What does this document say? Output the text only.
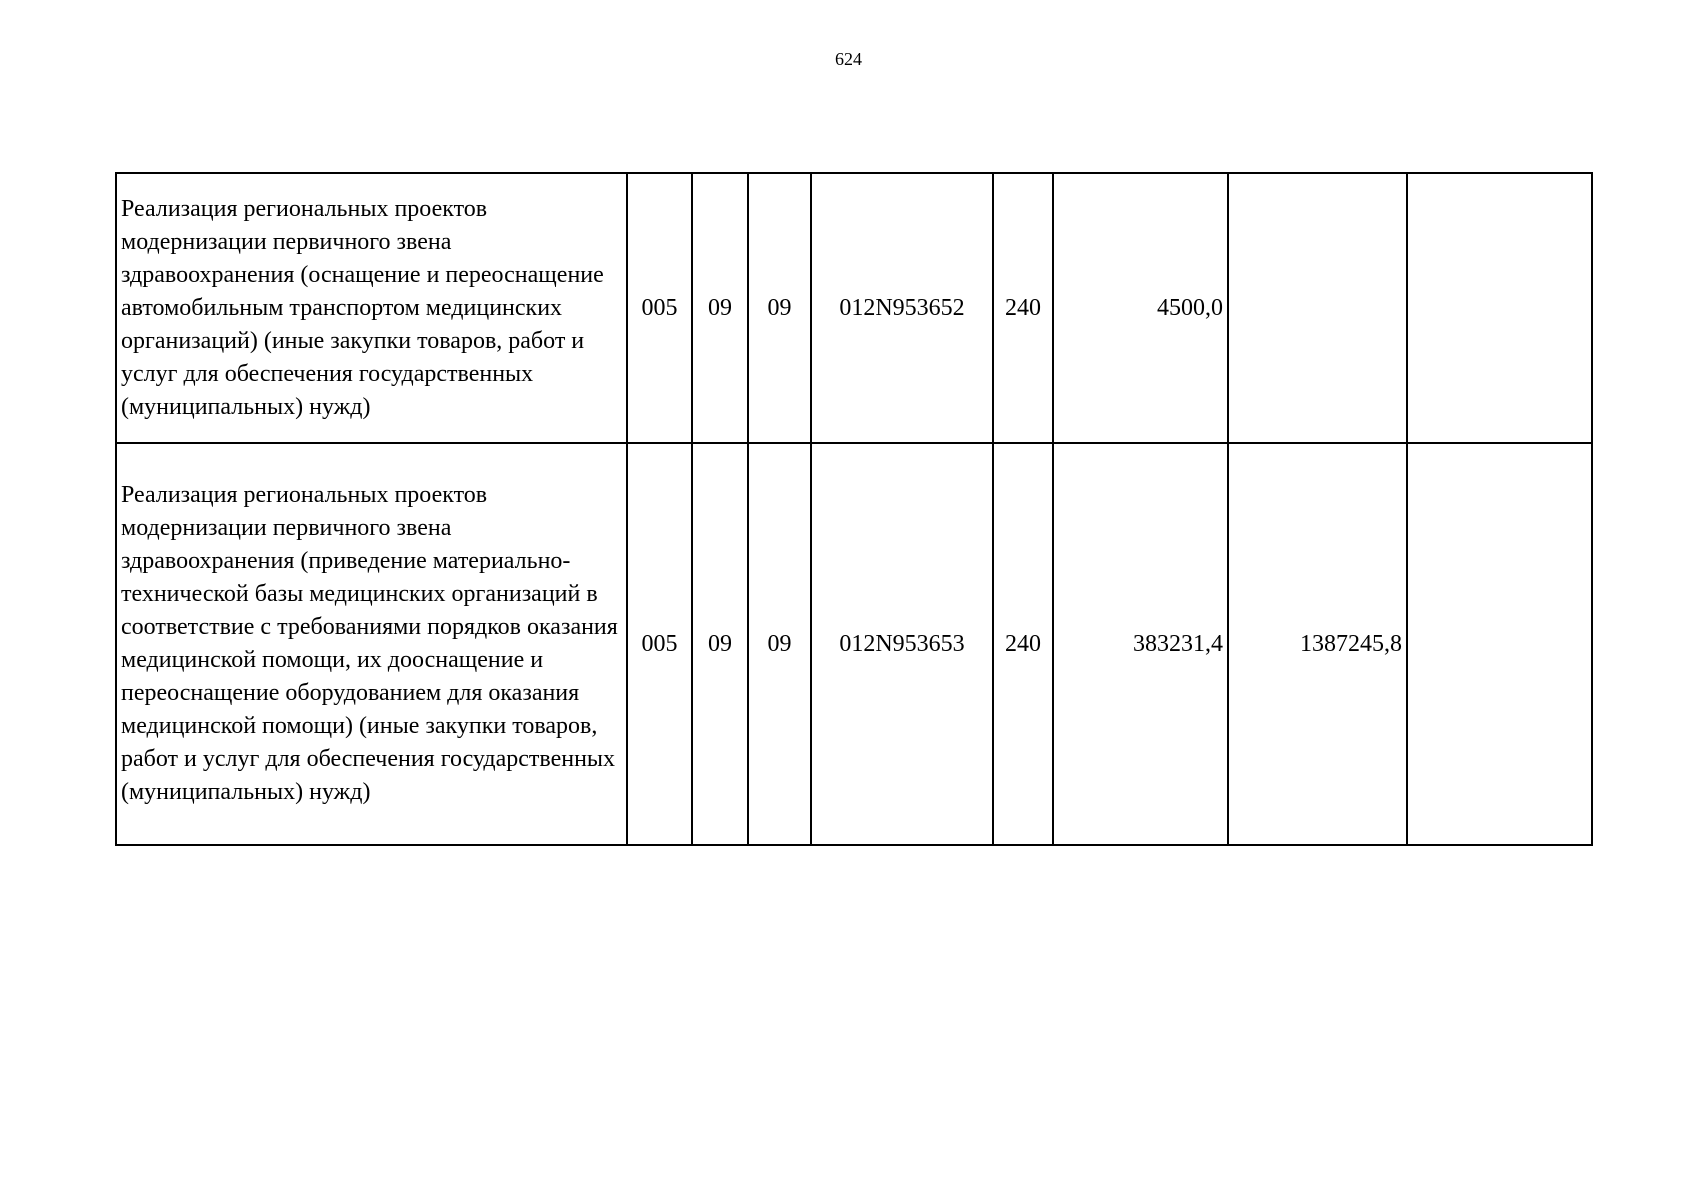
624
Реализация региональных проектов модернизации первичного звена здравоохранения (оснащение и переоснащение автомобильным транспортом медицинских организаций) (иные закупки товаров, работ и услуг для обеспечения государственных (муниципальных) нужд)	005	09	09	012N953652	240	4500,0		
Реализация региональных проектов модернизации первичного звена здравоохранения (приведение материально-технической базы медицинских организаций в соответствие с требованиями порядков оказания медицинской помощи, их дооснащение и переоснащение оборудованием для оказания медицинской помощи) (иные закупки товаров, работ и услуг для обеспечения государственных (муниципальных) нужд)	005	09	09	012N953653	240	383231,4	1387245,8	
